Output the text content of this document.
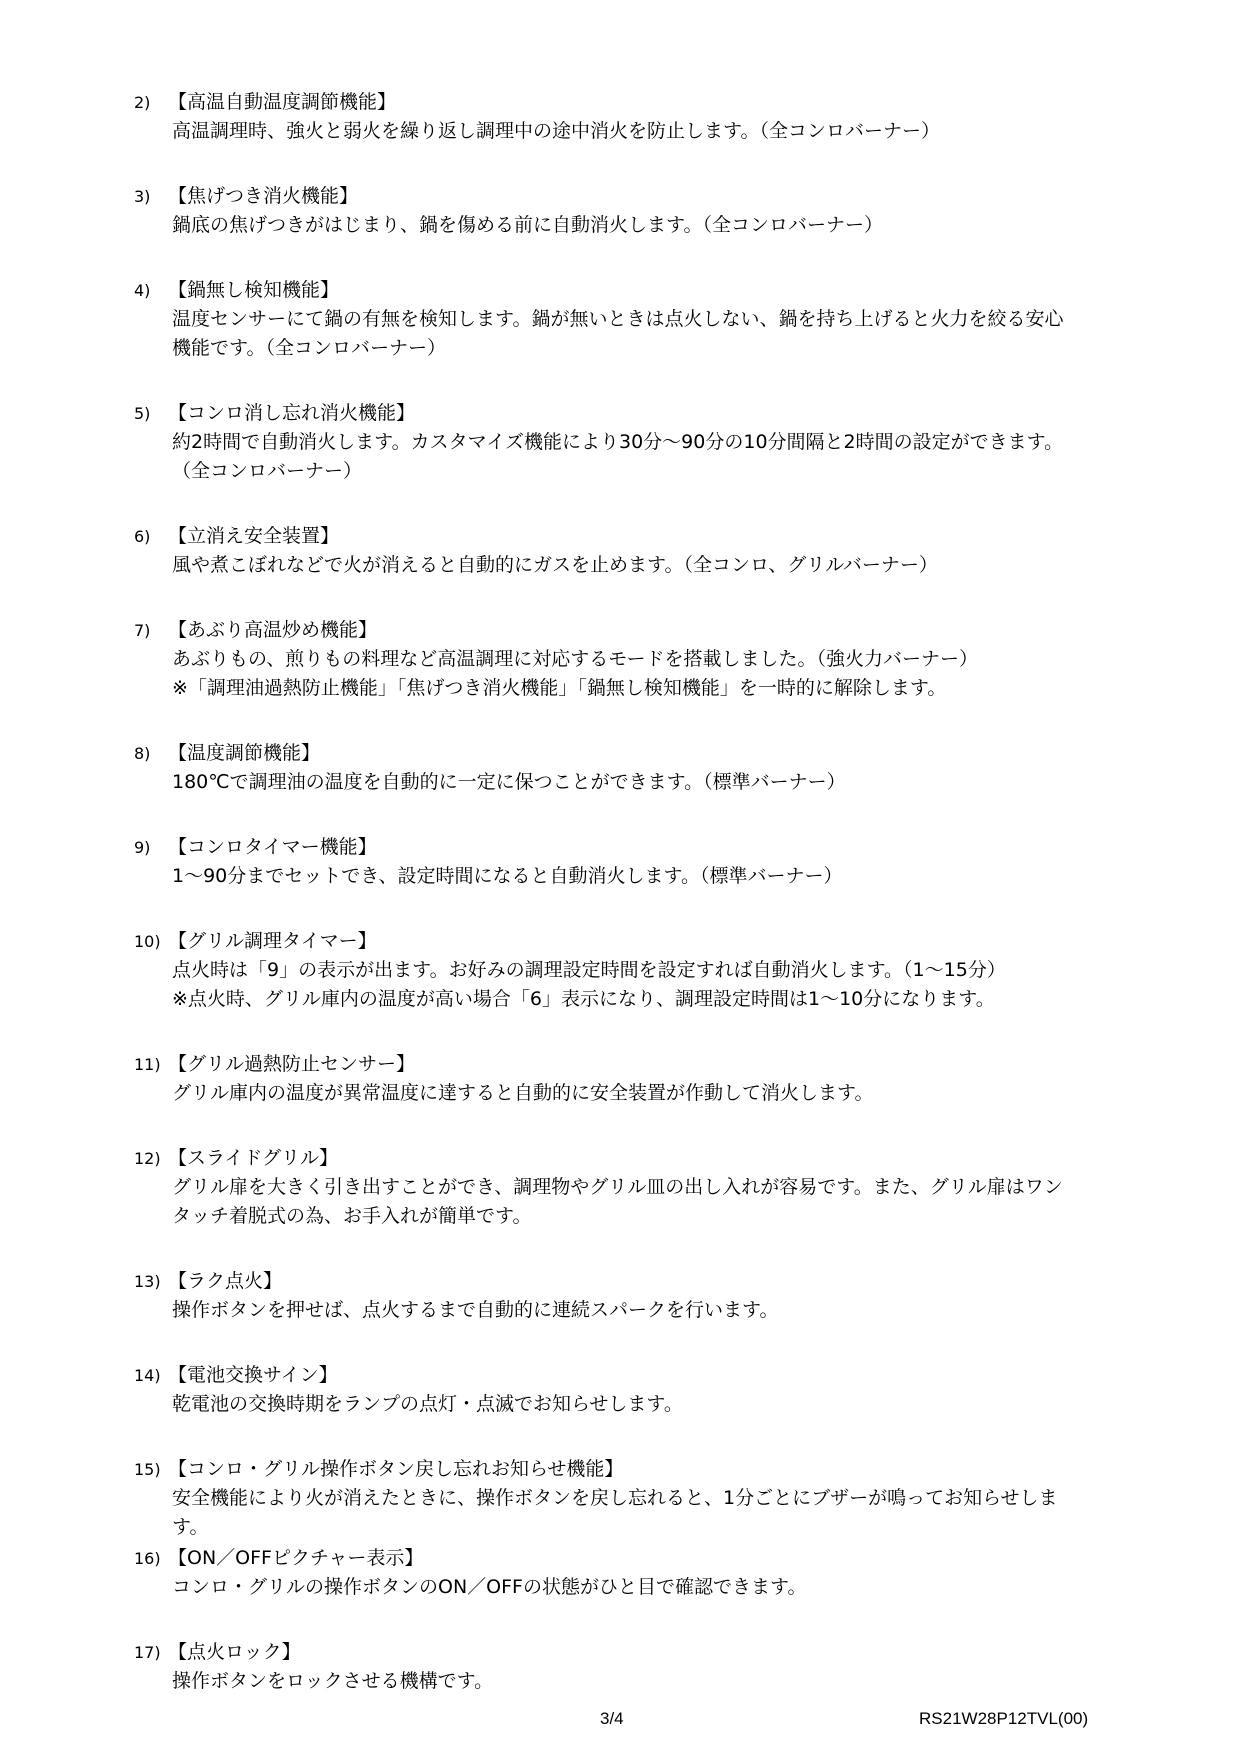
2) 【高温自動温度調節機能】
高温調理時、強火と弱火を繰り返し調理中の途中消火を防止します。（全コンロバーナー）
3) 【焦げつき消火機能】
鍋底の焦げつきがはじまり、鍋を傷める前に自動消火します。（全コンロバーナー）
4) 【鍋無し検知機能】
温度センサーにて鍋の有無を検知します。鍋が無いときは点火しない、鍋を持ち上げると火力を絞る安心
機能です。（全コンロバーナー）
5) 【コンロ消し忘れ消火機能】
約2時間で自動消火します。カスタマイズ機能により30分～90分の10分間隔と2時間の設定ができます。
（全コンロバーナー）
6) 【立消え安全装置】
風や煮こぼれなどで火が消えると自動的にガスを止めます。（全コンロ、グリルバーナー）
7) 【あぶり高温炒め機能】
あぶりもの、煎りもの料理など高温調理に対応するモードを搭載しました。（強火力バーナー）
※「調理油過熱防止機能」「焦げつき消火機能」「鍋無し検知機能」を一時的に解除します。
8) 【温度調節機能】
180℃で調理油の温度を自動的に一定に保つことができます。（標準バーナー）
9) 【コンロタイマー機能】
1～90分までセットでき、設定時間になると自動消火します。（標準バーナー）
10) 【グリル調理タイマー】
点火時は「9」の表示が出ます。お好みの調理設定時間を設定すれば自動消火します。（1～15分）
※点火時、グリル庫内の温度が高い場合「6」表示になり、調理設定時間は1～10分になります。
11) 【グリル過熱防止センサー】
グリル庫内の温度が異常温度に達すると自動的に安全装置が作動して消火します。
12) 【スライドグリル】
グリル扉を大きく引き出すことができ、調理物やグリル皿の出し入れが容易です。また、グリル扉はワン
タッチ着脱式の為、お手入れが簡単です。
13) 【ラク点火】
操作ボタンを押せば、点火するまで自動的に連続スパークを行います。
14) 【電池交換サイン】
乾電池の交換時期をランプの点灯・点滅でお知らせします。
15) 【コンロ・グリル操作ボタン戻し忘れお知らせ機能】
安全機能により火が消えたときに、操作ボタンを戻し忘れると、1分ごとにブザーが鳴ってお知らせしま
す。
16) 【ON／OFFピクチャー表示】
コンロ・グリルの操作ボタンのON／OFFの状態がひと目で確認できます。
17) 【点火ロック】
操作ボタンをロックさせる機構です。
3/4	RS21W28P12TVL(00)
